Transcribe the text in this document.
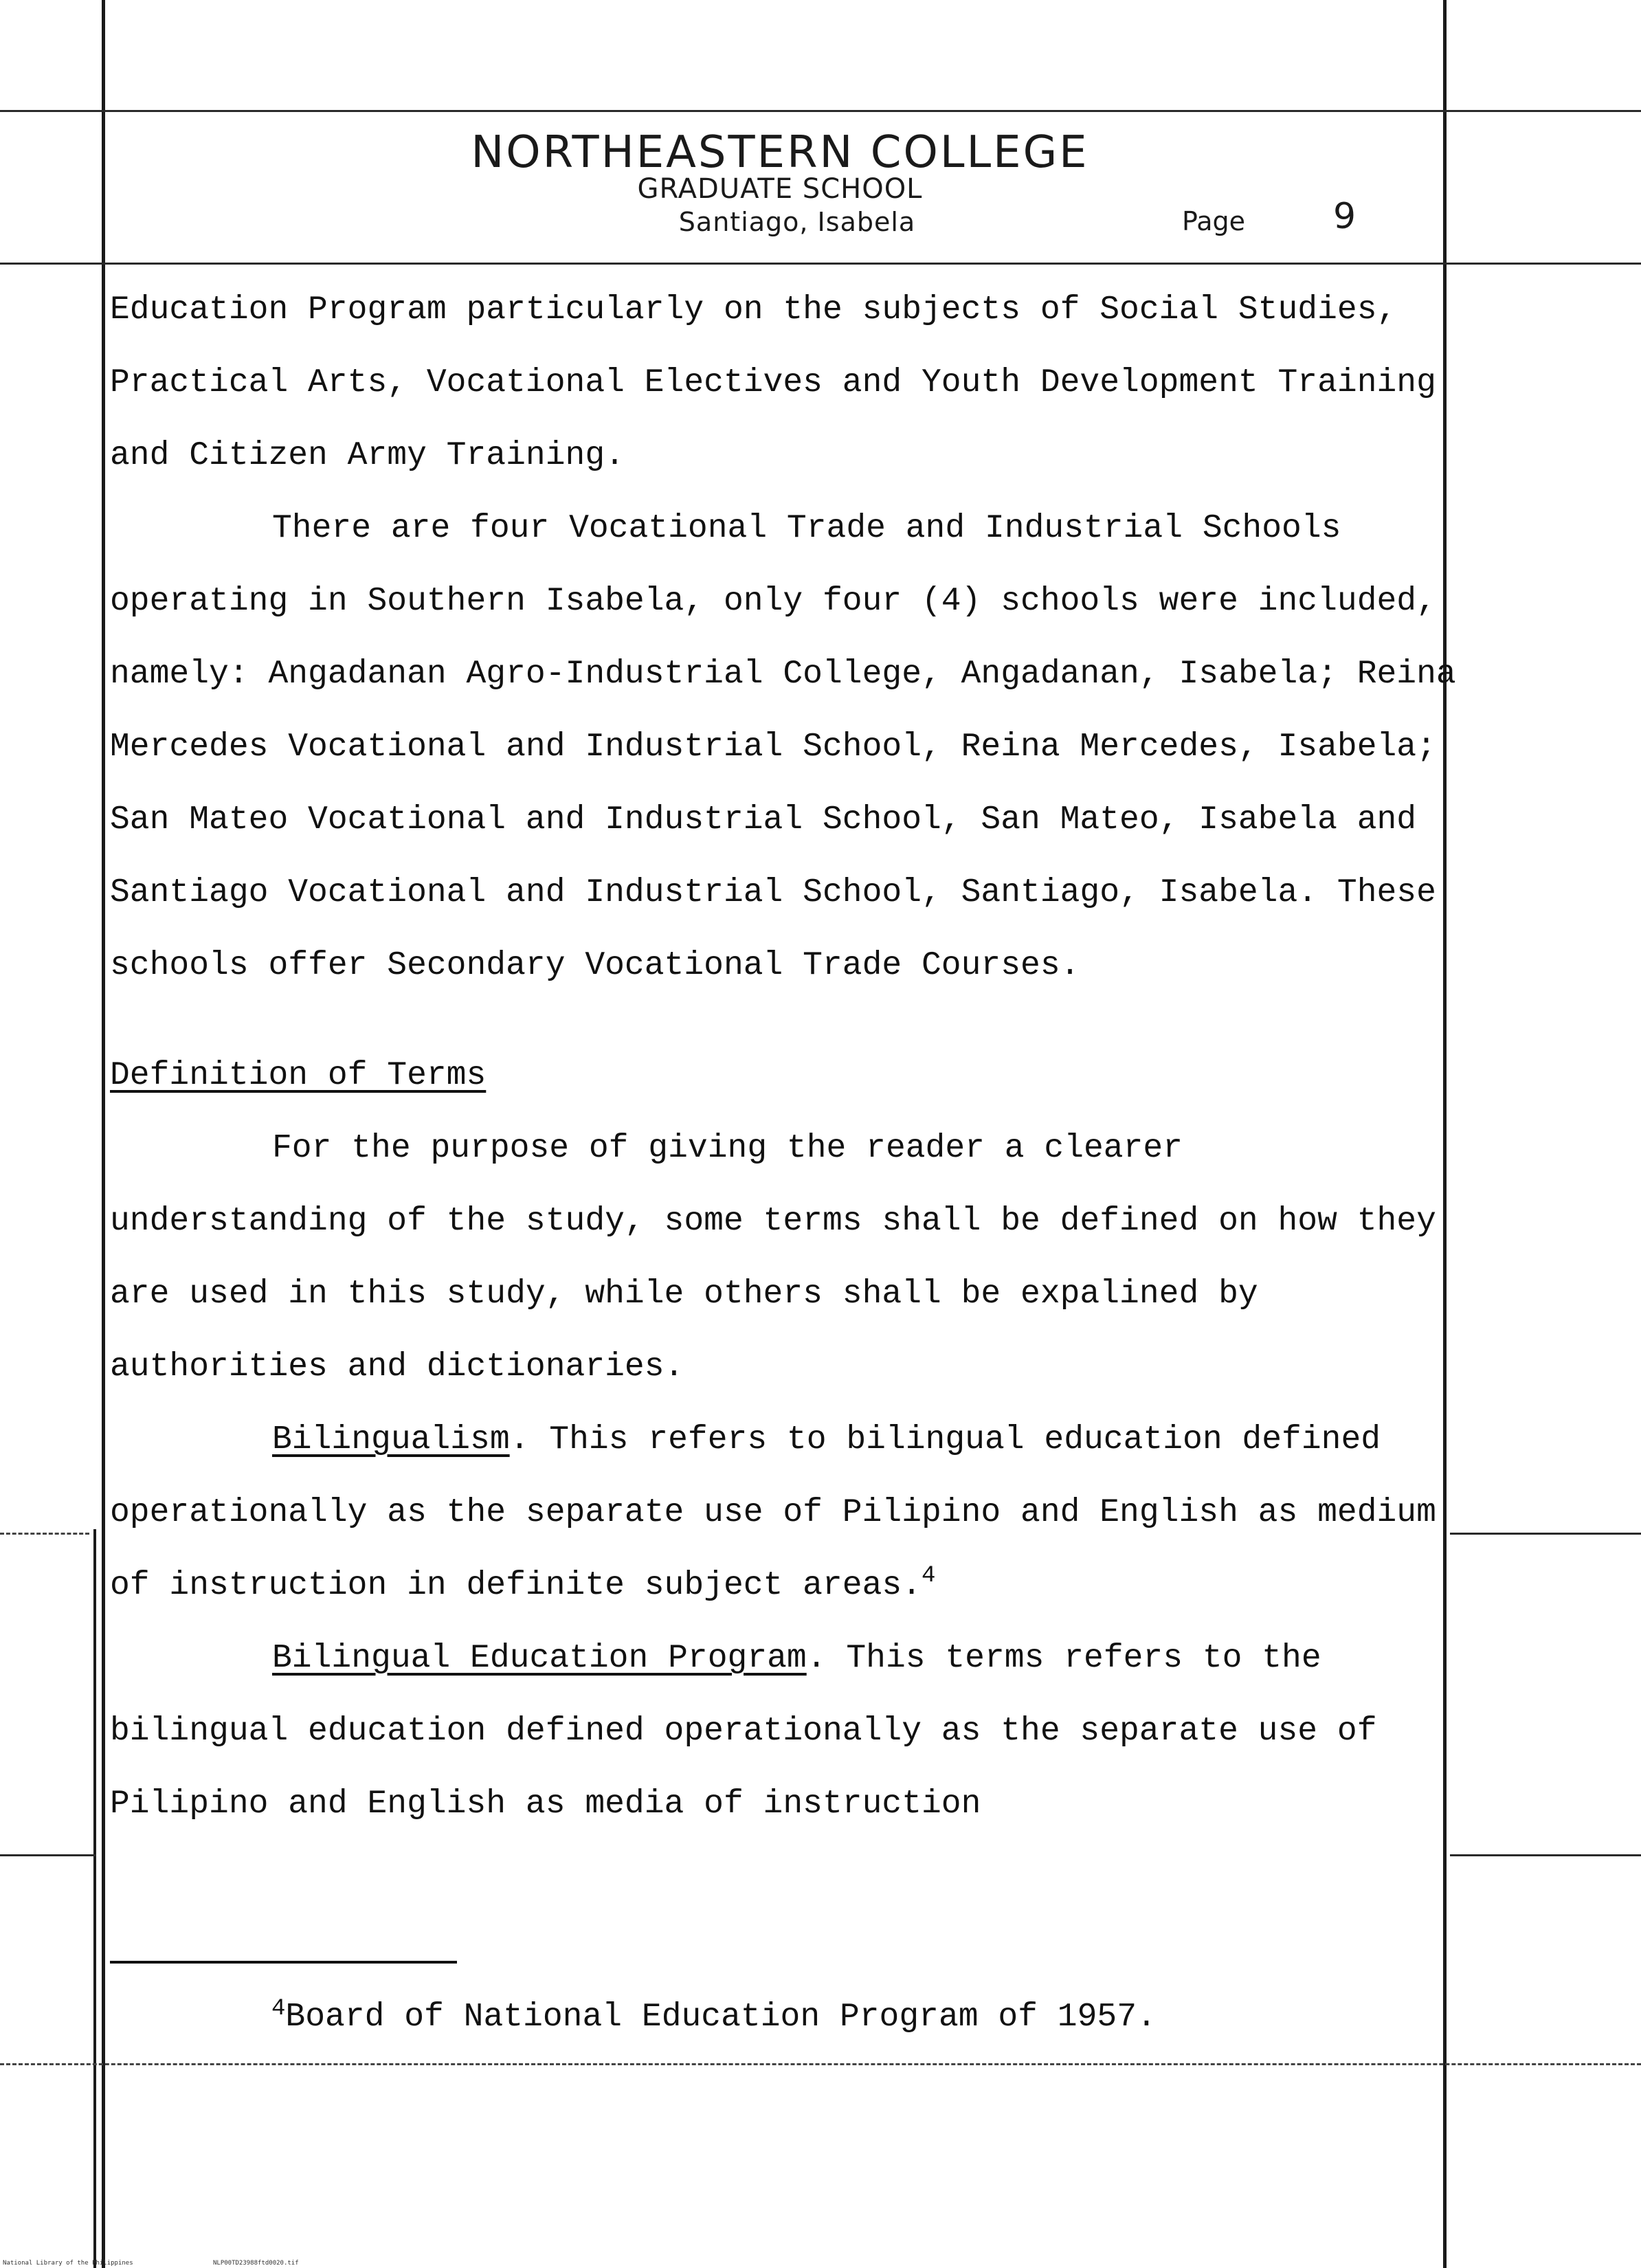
NORTHEASTERN COLLEGE
GRADUATE SCHOOL
Santiago, Isabela	Page 9

Education Program particularly on the subjects of Social Studies, Practical Arts, Vocational Electives and Youth Development Training and Citizen Army Training.

There are four Vocational Trade and Industrial Schools operating in Southern Isabela, only four (4) schools were included, namely: Angadanan Agro-Industrial College, Angadanan, Isabela; Reina Mercedes Vocational and Industrial School, Reina Mercedes, Isabela; San Mateo Vocational and Industrial School, San Mateo, Isabela and Santiago Vocational and Industrial School, Santiago, Isabela. These schools offer Secondary Vocational Trade Courses.

Definition of Terms

For the purpose of giving the reader a clearer understanding of the study, some terms shall be defined on how they are used in this study, while others shall be expalined by authorities and dictionaries.

Bilingualism. This refers to bilingual education defined operationally as the separate use of Pilipino and English as medium of instruction in definite subject areas.$^4$

Bilingual Education Program. This terms refers to the bilingual education defined operationally as the separate use of Pilipino and English as media of instruction

$^4$Board of National Education Program of 1957.
National Library of the Philippines	NLP00TD23988ftd0020.tif
